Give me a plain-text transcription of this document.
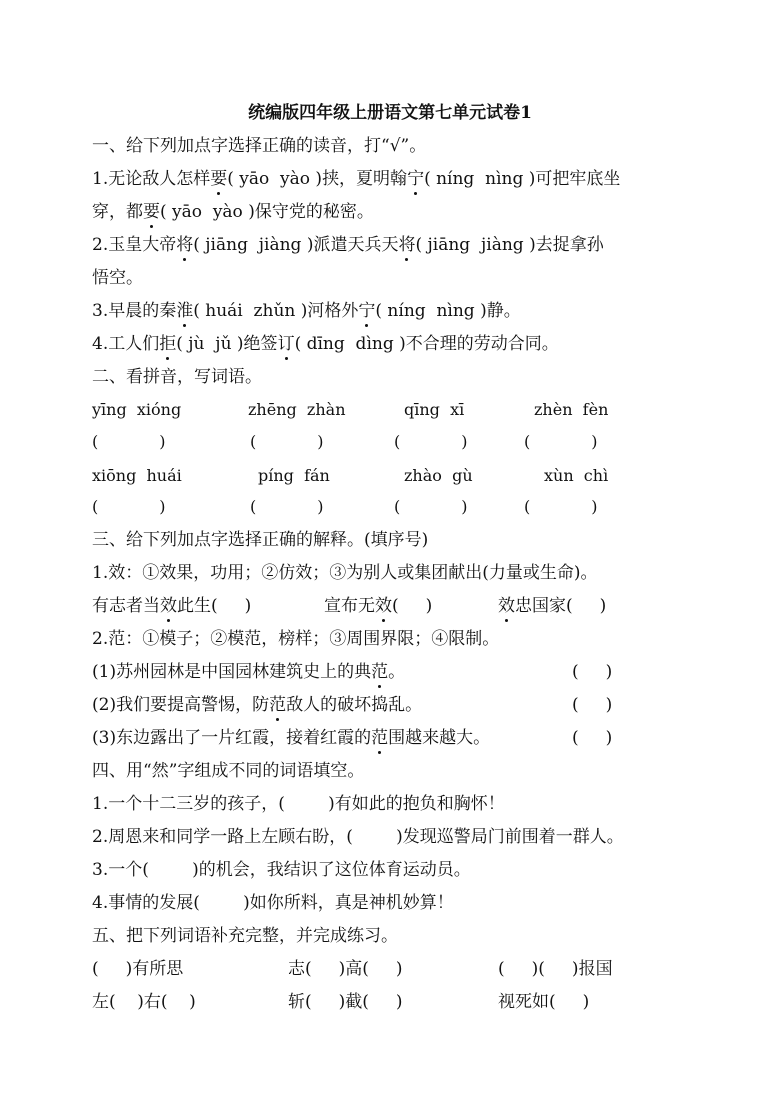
统编版四年级上册语文第七单元试卷1
一、给下列加点字选择正确的读音，打“√”。
1.无论敌人怎样要( yāo  yào )挟，夏明翰宁( níng  nìng )可把牢底坐
穿，都要( yāo  yào )保守党的秘密。
2.玉皇大帝将( jiāng  jiàng )派遣天兵天将( jiāng  jiàng )去捉拿孙
悟空。
3.早晨的秦淮( huái  zhǔn )河格外宁( níng  nìng )静。
4.工人们拒( jù  jǔ )绝签订( dīng  dìng )不合理的劳动合同。
二、看拼音，写词语。
yīng  xióng	zhēng  zhàn	qīng  xī	zhèn  fèn
(            )	(            )	(            )	(            )
xiōng  huái	píng  fán	zhào  gù	xùn  chì
(            )	(            )	(            )	(            )
三、给下列加点字选择正确的解释。(填序号)
1.效：①效果，功用；②仿效；③为别人或集团献出(力量或生命)。
有志者当效此生(     )	宣布无效(     )	效忠国家(     )
2.范：①模子；②模范，榜样；③周围界限；④限制。
(1)苏州园林是中国园林建筑史上的典范。	(     )
(2)我们要提高警惕，防范敌人的破坏捣乱。	(     )
(3)东边露出了一片红霞，接着红霞的范围越来越大。	(     )
四、用“然”字组成不同的词语填空。
1.一个十二三岁的孩子，(        )有如此的抱负和胸怀！
2.周恩来和同学一路上左顾右盼，(        )发现巡警局门前围着一群人。
3.一个(        )的机会，我结识了这位体育运动员。
4.事情的发展(        )如你所料，真是神机妙算！
五、把下列词语补充完整，并完成练习。
(     )有所思	志(     )高(     )	(     )(     )报国
左(    )右(    )	斩(     )截(     )	视死如(     )
